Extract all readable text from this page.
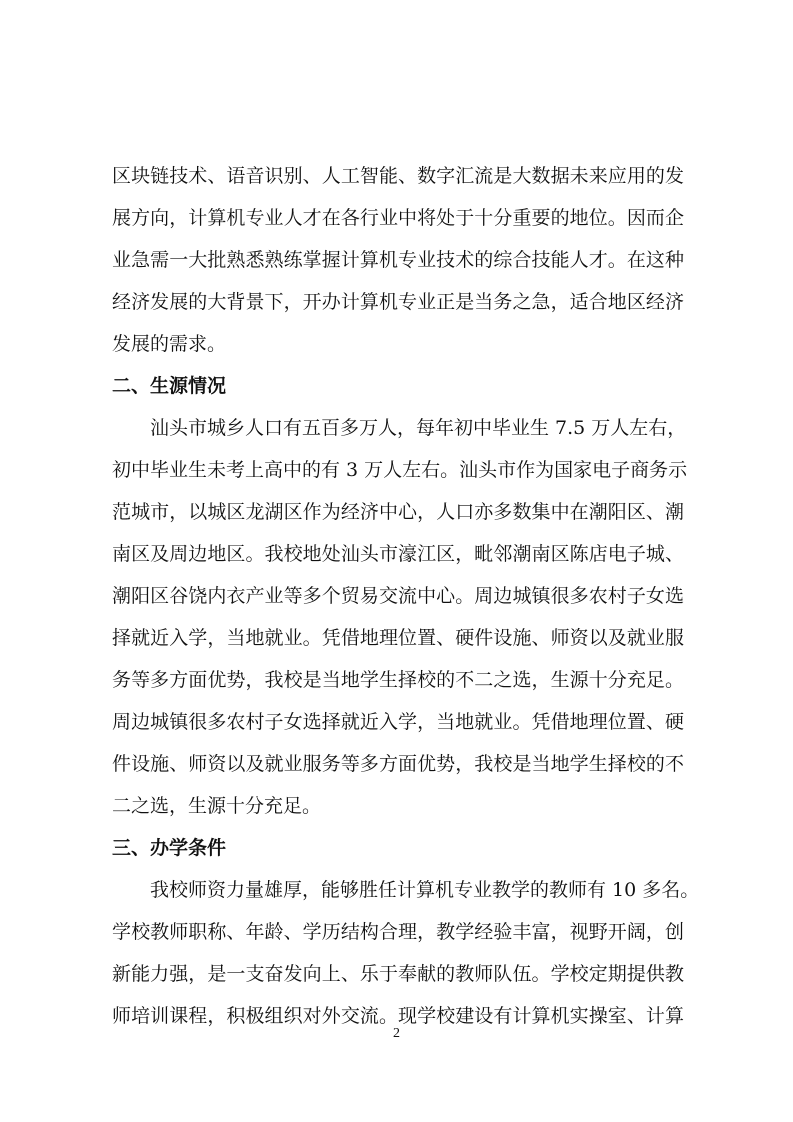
区块链技术、语音识别、人工智能、数字汇流是大数据未来应用的发
展方向，计算机专业人才在各行业中将处于十分重要的地位。因而企
业急需一大批熟悉熟练掌握计算机专业技术的综合技能人才。在这种
经济发展的大背景下，开办计算机专业正是当务之急，适合地区经济
发展的需求。
二、生源情况
汕头市城乡人口有五百多万人，每年初中毕业生 7.5 万人左右，
初中毕业生未考上高中的有 3 万人左右。汕头市作为国家电子商务示
范城市，以城区龙湖区作为经济中心，人口亦多数集中在潮阳区、潮
南区及周边地区。我校地处汕头市濠江区，毗邻潮南区陈店电子城、
潮阳区谷饶内衣产业等多个贸易交流中心。周边城镇很多农村子女选
择就近入学，当地就业。凭借地理位置、硬件设施、师资以及就业服
务等多方面优势，我校是当地学生择校的不二之选，生源十分充足。
周边城镇很多农村子女选择就近入学，当地就业。凭借地理位置、硬
件设施、师资以及就业服务等多方面优势，我校是当地学生择校的不
二之选，生源十分充足。
三、办学条件
我校师资力量雄厚，能够胜任计算机专业教学的教师有 10 多名。
学校教师职称、年龄、学历结构合理，教学经验丰富，视野开阔，创
新能力强，是一支奋发向上、乐于奉献的教师队伍。学校定期提供教
师培训课程，积极组织对外交流。现学校建设有计算机实操室、计算
2
